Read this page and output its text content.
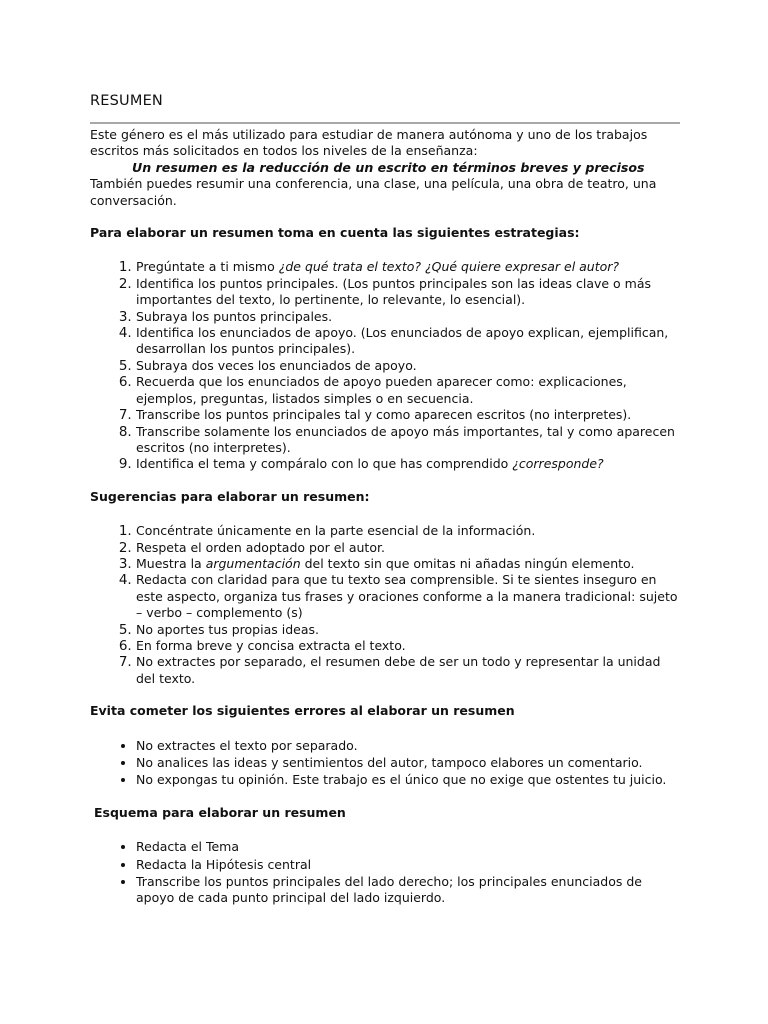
RESUMEN

Este género es el más utilizado para estudiar de manera autónoma y uno de los trabajos escritos más solicitados en todos los niveles de la enseñanza:

Un resumen es la reducción de un escrito en términos breves y precisos

También puedes resumir una conferencia, una clase, una película, una obra de teatro, una conversación.

Para elaborar un resumen toma en cuenta las siguientes estrategias:

1. Pregúntate a ti mismo ¿de qué trata el texto? ¿Qué quiere expresar el autor?
2. Identifica los puntos principales. (Los puntos principales son las ideas clave o más importantes del texto, lo pertinente, lo relevante, lo esencial).
3. Subraya los puntos principales.
4. Identifica los enunciados de apoyo. (Los enunciados de apoyo explican, ejemplifican, desarrollan los puntos principales).
5. Subraya dos veces los enunciados de apoyo.
6. Recuerda que los enunciados de apoyo pueden aparecer como: explicaciones, ejemplos, preguntas, listados simples o en secuencia.
7. Transcribe los puntos principales tal y como aparecen escritos (no interpretes).
8. Transcribe solamente los enunciados de apoyo más importantes, tal y como aparecen escritos (no interpretes).
9. Identifica el tema y compáralo con lo que has comprendido ¿corresponde?

Sugerencias para elaborar un resumen:

1. Concéntrate únicamente en la parte esencial de la información.
2. Respeta el orden adoptado por el autor.
3. Muestra la argumentación del texto sin que omitas ni añadas ningún elemento.
4. Redacta con claridad para que tu texto sea comprensible. Si te sientes inseguro en este aspecto, organiza tus frases y oraciones conforme a la manera tradicional: sujeto – verbo – complemento (s)
5. No aportes tus propias ideas.
6. En forma breve y concisa extracta el texto.
7. No extractes por separado, el resumen debe de ser un todo y representar la unidad del texto.

Evita cometer los siguientes errores al elaborar un resumen

• No extractes el texto por separado.
• No analices las ideas y sentimientos del autor, tampoco elabores un comentario.
• No expongas tu opinión. Este trabajo es el único que no exige que ostentes tu juicio.

Esquema para elaborar un resumen

• Redacta el Tema
• Redacta la Hipótesis central
• Transcribe los puntos principales del lado derecho; los principales enunciados de apoyo de cada punto principal del lado izquierdo.
